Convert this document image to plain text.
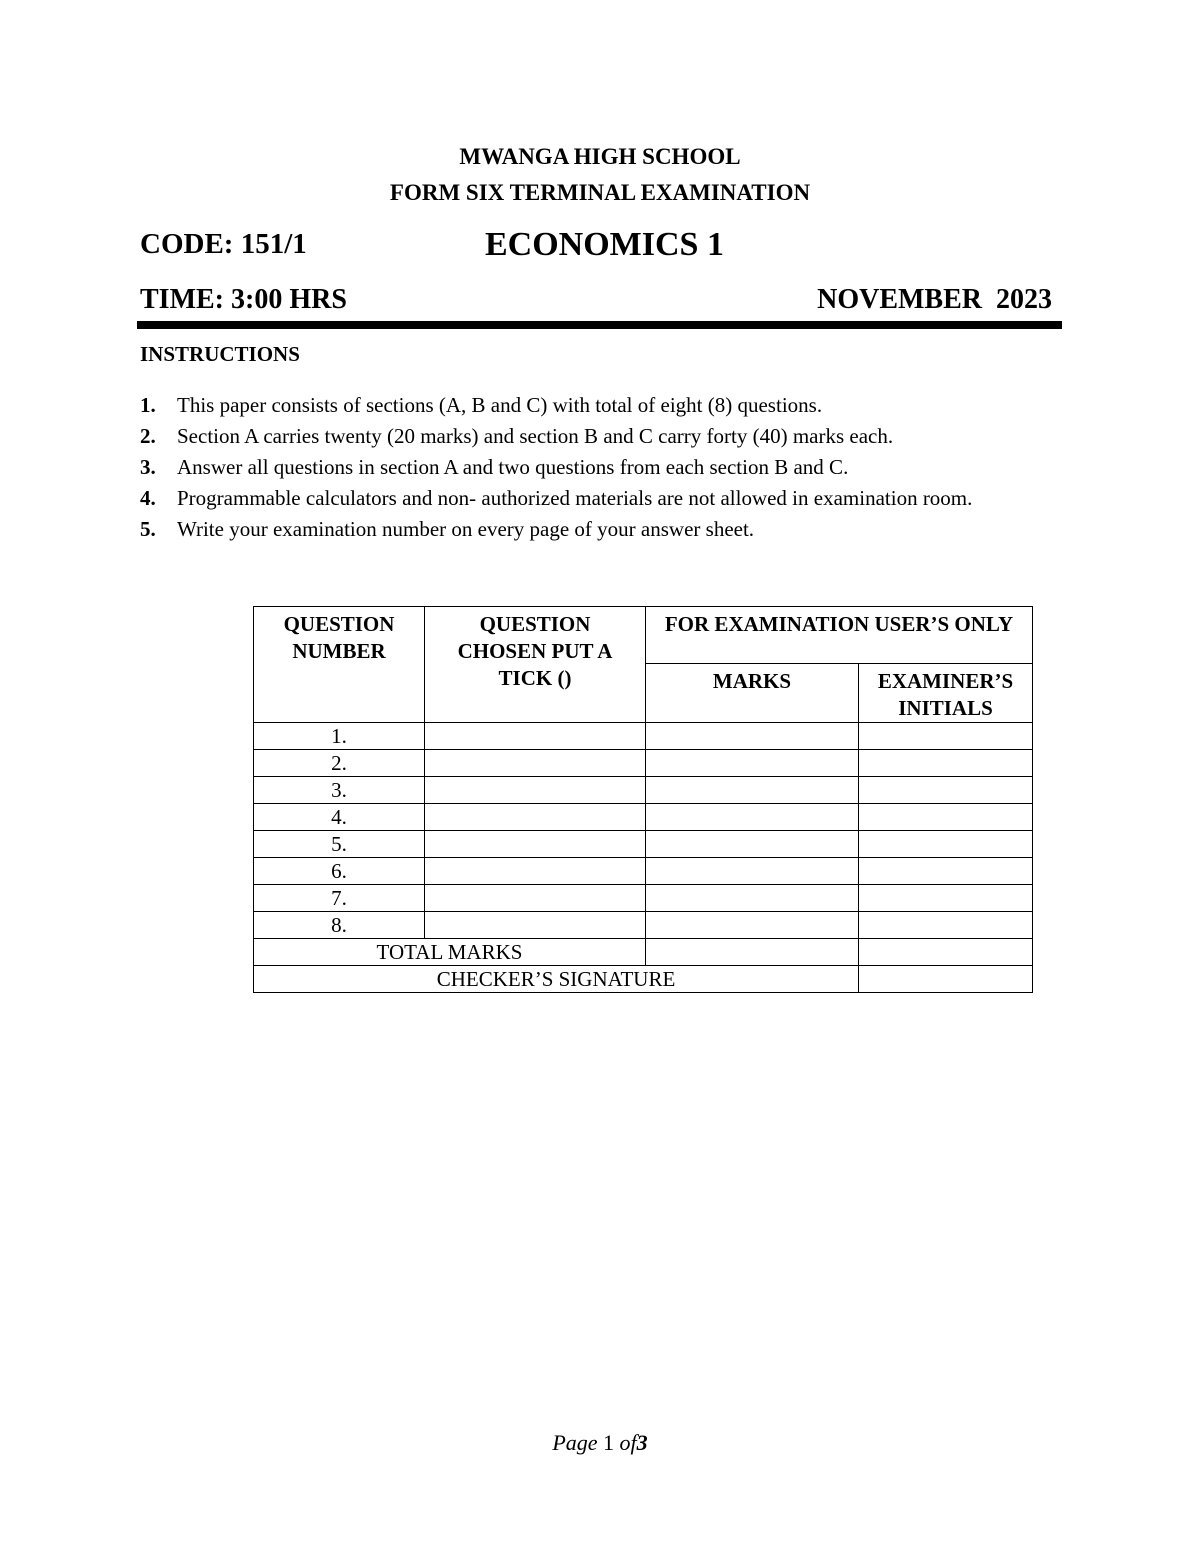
MWANGA HIGH SCHOOL
FORM SIX TERMINAL EXAMINATION
CODE: 151/1	ECONOMICS 1
TIME: 3:00 HRS	NOVEMBER  2023
INSTRUCTIONS
1.	This paper consists of sections (A, B and C) with total of eight (8) questions.
2.	Section A carries twenty (20 marks) and section B and C carry forty (40) marks each.
3.	Answer all questions in section A and two questions from each section B and C.
4.	Programmable calculators and non- authorized materials are not allowed in examination room.
5.	Write your examination number on every page of your answer sheet.
QUESTION NUMBER	QUESTION CHOSEN PUT A TICK ()	FOR EXAMINATION USER’S ONLY	
		MARKS	EXAMINER’S INITIALS
1.			
2.			
3.			
4.			
5.			
6.			
7.			
8.			
TOTAL MARKS			
CHECKER’S SIGNATURE			
Page 1 of3
